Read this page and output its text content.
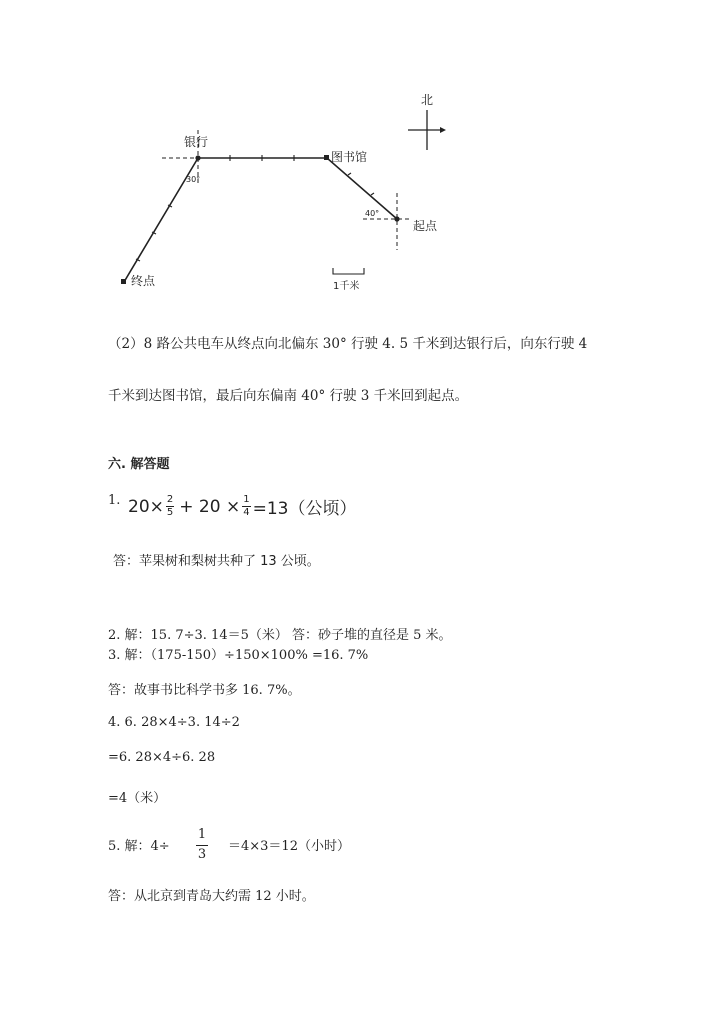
北
银行
图书馆
起点
终点
30°
40°
1千米
（2）8 路公共电车从终点向北偏东 30° 行驶 4. 5 千米到达银行后，向东行驶 4
千米到达图书馆，最后向东偏南 40° 行驶 3 千米回到起点。
六. 解答题
1. $20\times \frac{2}{5} + 20 \times \frac{1}{4} =13$（公顷）
答：苹果树和梨树共种了 13 公顷。
2. 解：15. 7÷3. 14＝5（米） 答：砂子堆的直径是 5 米。
3. 解：（175-150）÷150×100% =16. 7%
答：故事书比科学书多 16. 7%。
4. 6. 28×4÷3. 14÷2
=6. 28×4÷6. 28
=4（米）
5. 解：4÷
1
3
＝4×3＝12（小时）
答：从北京到青岛大约需 12 小时。
